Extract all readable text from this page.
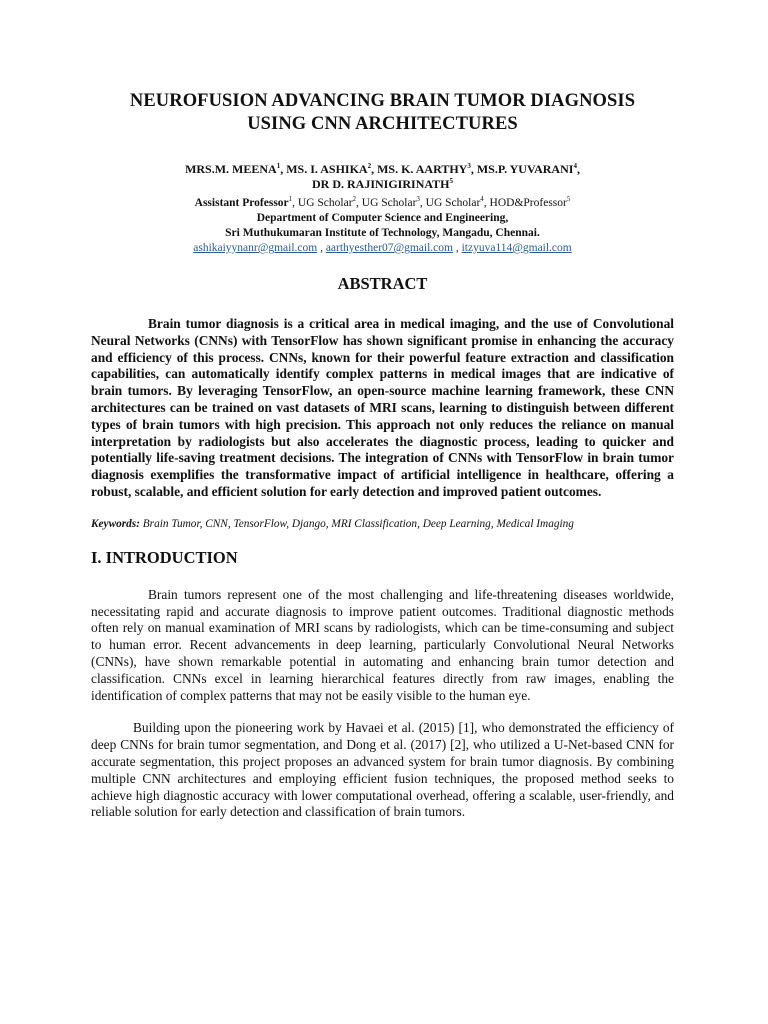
NEUROFUSION ADVANCING BRAIN TUMOR DIAGNOSIS
USING CNN ARCHITECTURES
MRS.M. MEENA$^1$, MS. I. ASHIKA$^2$, MS. K. AARTHY$^3$, MS.P. YUVARANI$^4$,
DR D. RAJINIGIRINATH$^5$
Assistant Professor$^1$, UG Scholar$^2$, UG Scholar$^3$, UG Scholar$^4$, HOD&Professor$^5$
Department of Computer Science and Engineering,
Sri Muthukumaran Institute of Technology, Mangadu, Chennai.
ashikaiyynanr@gmail.com , aarthyesther07@gmail.com , itzyuva114@gmail.com
ABSTRACT
Brain tumor diagnosis is a critical area in medical imaging, and the use of Convolutional Neural Networks (CNNs) with TensorFlow has shown significant promise in enhancing the accuracy and efficiency of this process. CNNs, known for their powerful feature extraction and classification capabilities, can automatically identify complex patterns in medical images that are indicative of brain tumors. By leveraging TensorFlow, an open-source machine learning framework, these CNN architectures can be trained on vast datasets of MRI scans, learning to distinguish between different types of brain tumors with high precision. This approach not only reduces the reliance on manual interpretation by radiologists but also accelerates the diagnostic process, leading to quicker and potentially life-saving treatment decisions. The integration of CNNs with TensorFlow in brain tumor diagnosis exemplifies the transformative impact of artificial intelligence in healthcare, offering a robust, scalable, and efficient solution for early detection and improved patient outcomes.
Keywords: Brain Tumor, CNN, TensorFlow, Django, MRI Classification, Deep Learning, Medical Imaging
I. INTRODUCTION
Brain tumors represent one of the most challenging and life-threatening diseases worldwide, necessitating rapid and accurate diagnosis to improve patient outcomes. Traditional diagnostic methods often rely on manual examination of MRI scans by radiologists, which can be time-consuming and subject to human error. Recent advancements in deep learning, particularly Convolutional Neural Networks (CNNs), have shown remarkable potential in automating and enhancing brain tumor detection and classification. CNNs excel in learning hierarchical features directly from raw images, enabling the identification of complex patterns that may not be easily visible to the human eye.
Building upon the pioneering work by Havaei et al. (2015) [1], who demonstrated the efficiency of deep CNNs for brain tumor segmentation, and Dong et al. (2017) [2], who utilized a U-Net-based CNN for accurate segmentation, this project proposes an advanced system for brain tumor diagnosis. By combining multiple CNN architectures and employing efficient fusion techniques, the proposed method seeks to achieve high diagnostic accuracy with lower computational overhead, offering a scalable, user-friendly, and reliable solution for early detection and classification of brain tumors.
